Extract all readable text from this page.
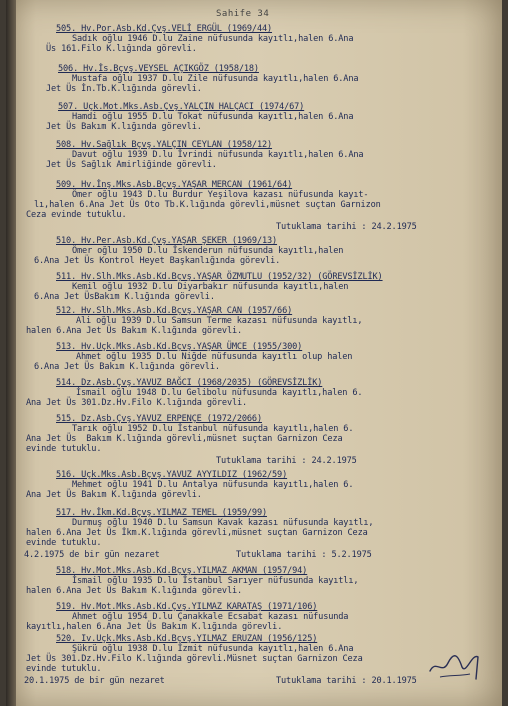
Sahife 34
505. Hv.Por.Asb.Kd.Çvş.VELİ ERGÜL (1969/44)
Sadık oğlu 1946 D.lu Zaine nüfusunda kayıtlı,halen 6.Ana
Üs 161.Filo K.lığında görevli.
506. Hv.İs.Bçvş.VEYSEL AÇIKGÖZ (1958/18)
Mustafa oğlu 1937 D.lu Zile nüfusunda kayıtlı,halen 6.Ana
Jet Üs İn.Tb.K.lığında görevli.
507. Uçk.Mot.Mks.Asb.Çvş.YALÇIN HALÇACI (1974/67)
Hamdi oğlu 1955 D.lu Tokat nüfusunda kayıtlı,halen 6.Ana
Jet Üs Bakım K.lığında görevli.
508. Hv.Sağlık Bçvş.YALÇIN CEYLAN (1958/12)
Davut oğlu 1939 D.lu İvrindi nüfusunda kayıtlı,halen 6.Ana
Jet Üs Sağlık Amirliğinde görevli.
509. Hv.İnş.Mks.Asb.Bçvş.YAŞAR MERCAN (1961/64)
Ömer oğlu 1943 D.lu Burdur Yeşilova kazası nüfusunda kayıt-
lı,halen 6.Ana Jet Üs Oto Tb.K.lığında görevli,müsnet suçtan Garnizon
Ceza evinde tutuklu.
Tutuklama tarihi : 24.2.1975
510. Hv.Per.Asb.Kd.Çvş.YAŞAR ŞEKER (1969/13)
Ömer oğlu 1950 D.lu İskenderun nüfusunda kayıtlı,halen
6.Ana Jet Üs Kontrol Heyet Başkanlığında görevli.
511. Hv.Slh.Mks.Asb.Kd.Bçvş.YAŞAR ÖZMUTLU (1952/32) (GÖREVSİZLİK)
Kemil oğlu 1932 D.lu Diyarbakır nüfusunda kayıtlı,halen
6.Ana Jet ÜsBakım K.lığında görevli.
512. Hv.Slh.Mks.Asb.Kd.Bçvş.YAŞAR CAN (1957/66)
Ali oğlu 1939 D.lu Samsun Terme kazası nüfusunda kayıtlı,
halen 6.Ana Jet Üs Bakım K.lığında görevli.
513. Hv.Uçk.Mks.Asb.Kd.Bçvş.YAŞAR ÜMCE (1955/300)
Ahmet oğlu 1935 D.lu Niğde nüfusunda kayıtlı olup halen
6.Ana Jet Üs Bakım K.lığında görevli.
514. Dz.Asb.Çvş.YAVUZ BAĞCI (1968/2035) (GÖREVSİZLİK)
İsmail oğlu 1948 D.lu Gelibolu nüfusunda kayıtlı,halen 6.
Ana Jet Üs 301.Dz.Hv.Filo K.lığında görevli.
515. Dz.Asb.Çvş.YAVUZ ERPENÇE (1972/2066)
Tarık oğlu 1952 D.lu İstanbul nüfusunda kayıtlı,halen 6.
Ana Jet Üs  Bakım K.lığında görevli,müsnet suçtan Garnizon Ceza
evinde tutuklu.
Tutuklama tarihi : 24.2.1975
516. Uçk.Mks.Asb.Bçvş.YAVUZ AYYILDIZ (1962/59)
Mehmet oğlu 1941 D.lu Antalya nüfusunda kayıtlı,halen 6.
Ana Jet Üs Bakım K.lığında görevli.
517. Hv.İkm.Kd.Bçvş.YILMAZ TEMEL (1959/99)
Durmuş oğlu 1940 D.lu Samsun Kavak kazası nüfusunda kayıtlı,
halen 6.Ana Jet Üs İkm.K.lığında görevli,müsnet suçtan Garnizon Ceza
evinde tutuklu.
4.2.1975 de bir gün nezaret	Tutuklama tarihi : 5.2.1975
518. Hv.Mot.Mks.Asb.Kd.Bçvş.YILMAZ AKMAN (1957/94)
İsmail oğlu 1935 D.lu İstanbul Sarıyer nüfusunda kayıtlı,
halen 6.Ana Jet Üs Bakım K.lığında görevli.
519. Hv.Mot.Mks.Asb.Kd.Çvş.YILMAZ KARATAŞ (1971/106)
Ahmet oğlu 1954 D.lu Çanakkale Ecsabat kazası nüfusunda
kayıtlı,halen 6.Ana Jet Üs Bakım K.lığında görevli.
520. Iv.Uçk.Mks.Asb.Kd.Bçvş.YILMAZ ERUZAN (1956/125)
Şükrü oğlu 1938 D.lu İzmit nüfusunda kayıtlı,halen 6.Ana
Jet Üs 301.Dz.Hv.Filo K.lığında görevli.Müsnet suçtan Garnizon Ceza
evinde tutuklu.
20.1.1975 de bir gün nezaret	Tutuklama tarihi : 20.1.1975
